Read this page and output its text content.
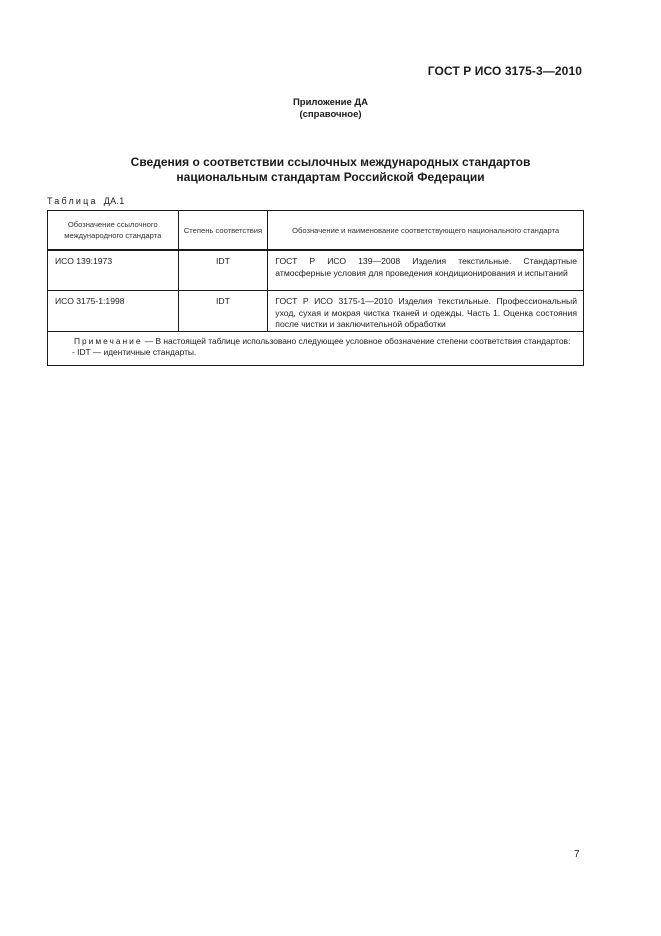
ГОСТ Р ИСО 3175-3—2010
Приложение ДА
(справочное)
Сведения о соответствии ссылочных международных стандартов
национальным стандартам Российской Федерации
Таблица ДА.1
Обозначение ссылочного международного стандарта	Степень соответствия	Обозначение и наименование соответствующего национального стандарта
ИСО 139:1973	IDT	ГОСТ Р ИСО 139—2008 Изделия текстильные. Стандартные атмосферные условия для проведения кондиционирования и испытаний
ИСО 3175-1:1998	IDT	ГОСТ Р ИСО 3175-1—2010 Изделия текстильные. Профессиональный уход, сухая и мокрая чистка тканей и одежды. Часть 1. Оценка состояния после чистки и заключительной обработки

Примечание — В настоящей таблице использовано следующее условное обозначение степени соответствия стандартов:

- IDT — идентичные стандарты.		

7
